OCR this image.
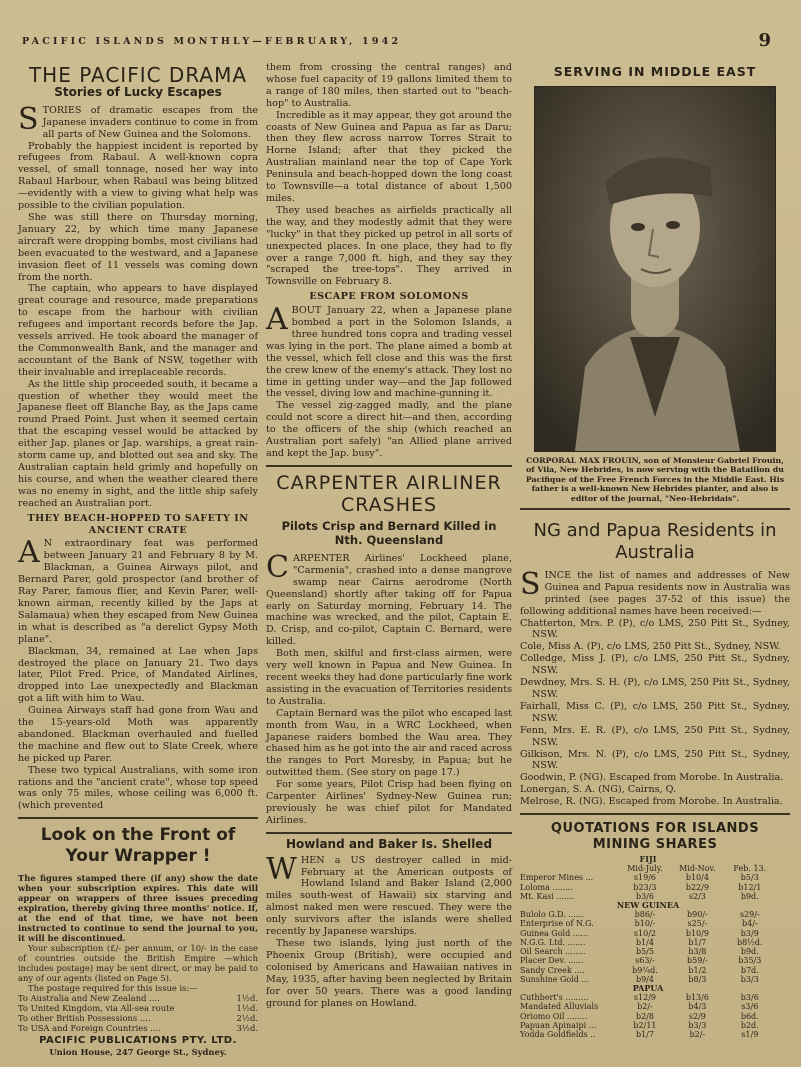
PACIFIC ISLANDS MONTHLY—FEBRUARY, 1942	9
THE PACIFIC DRAMA
Stories of Lucky Escapes

STORIES of dramatic escapes from the Japanese invaders continue to come in from all parts of New Guinea and the Solomons.

Probably the happiest incident is reported by refugees from Rabaul. A well-known copra vessel, of small tonnage, nosed her way into Rabaul Harbour, when Rabaul was being blitzed—evidently with a view to giving what help was possible to the civilian population.

She was still there on Thursday morning, January 22, by which time many Japanese aircraft were dropping bombs, most civilians had been evacuated to the westward, and a Japanese invasion fleet of 11 vessels was coming down from the north.

The captain, who appears to have displayed great courage and resource, made preparations to escape from the harbour with civilian refugees and important records before the Jap. vessels arrived. He took aboard the manager of the Commonwealth Bank, and the manager and accountant of the Bank of NSW, together with their invaluable and irreplaceable records.

As the little ship proceeded south, it became a question of whether they would meet the Japanese fleet off Blanche Bay, as the Japs came round Praed Point. Just when it seemed certain that the escaping vessel would be attacked by either Jap. planes or Jap. warships, a great rain-storm came up, and blotted out sea and sky. The Australian captain held grimly and hopefully on his course, and when the weather cleared there was no enemy in sight, and the little ship safely reached an Australian port.

THEY BEACH-HOPPED TO SAFETY IN ANCIENT CRATE

A N extraordinary feat was performed between January 21 and February 8 by M. Blackman, a Guinea Airways pilot, and Bernard Parer, gold prospector (and brother of Ray Parer, famous flier, and Kevin Parer, well-known airman, recently killed by the Japs at Salamaua) when they escaped from New Guinea in what is described as "a derelict Gypsy Moth plane".

Blackman, 34, remained at Lae when Japs destroyed the place on January 21. Two days later, Pilot Fred. Price, of Mandated Airlines, dropped into Lae unexpectedly and Blackman got a lift with him to Wau.

Guinea Airways staff had gone from Wau and the 15-years-old Moth was apparently abandoned. Blackman overhauled and fuelled the machine and flew out to Slate Creek, where he picked up Parer.

These two typical Australians, with some iron rations and the "ancient crate", whose top speed was only 75 miles, whose ceiling was 6,000 ft. (which prevented

Look on the Front of Your Wrapper !

The figures stamped there (if any) show the date when your subscription expires. This date will appear on wrappers of three issues preceding expiration, thereby giving three months' notice. If, at the end of that time, we have not been instructed to continue to send the journal to you, it will be discontinued.

Your subscription (£/- per annum, or 10/- in the case of countries outside the British Empire —which includes postage) may be sent direct, or may be paid to any of our agents (listed on Page 5).

The postage required for this issue is:—

To Australia and New Zealand ....	1½d.
To United Kingdom, via All-sea route	1½d.
To other British Possessions ....	2½d.
To USA and Foreign Countries ....	3½d.
PACIFIC PUBLICATIONS PTY. LTD.
Union House, 247 George St., Sydney.

them from crossing the central ranges) and whose fuel capacity of 19 gallons limited them to a range of 180 miles, then started out to "beach-hop" to Australia.

Incredible as it may appear, they got around the coasts of New Guinea and Papua as far as Daru; then they flew across narrow Torres Strait to Horne Island; after that they picked the Australian mainland near the top of Cape York Peninsula and beach-hopped down the long coast to Townsville—a total distance of about 1,500 miles.

They used beaches as airfields practically all the way, and they modestly admit that they were "lucky" in that they picked up petrol in all sorts of unexpected places. In one place, they had to fly over a range 7,000 ft. high, and they say they "scraped the tree-tops". They arrived in Townsville on February 8.

ESCAPE FROM SOLOMONS

ABOUT January 22, when a Japanese plane bombed a port in the Solomon Islands, a three hundred tons copra and trading vessel was lying in the port. The plane aimed a bomb at the vessel, which fell close and this was the first the crew knew of the enemy's attack. They lost no time in getting under way—and the Jap followed the vessel, diving low and machine-gunning it.

The vessel zig-zagged madly, and the plane could not score a direct hit—and then, according to the officers of the ship (which reached an Australian port safely) "an Allied plane arrived and kept the Jap. busy".

CARPENTER AIRLINER CRASHES
Pilots Crisp and Bernard Killed in Nth. Queensland

CARPENTER Airlines' Lockheed plane, "Carmenia", crashed into a dense mangrove swamp near Cairns aerodrome (North Queensland) shortly after taking off for Papua early on Saturday morning, February 14. The machine was wrecked, and the pilot, Captain E. D. Crisp, and co-pilot, Captain C. Bernard, were killed.

Both men, skilful and first-class airmen, were very well known in Papua and New Guinea. In recent weeks they had done particularly fine work assisting in the evacuation of Territories residents to Australia.

Captain Bernard was the pilot who escaped last month from Wau, in a WRC Lockheed, when Japanese raiders bombed the Wau area. They chased him as he got into the air and raced across the ranges to Port Moresby, in Papua; but he outwitted them. (See story on page 17.)

For some years, Pilot Crisp had been flying on Carpenter Airlines' Sydney-New Guinea run; previously he was chief pilot for Mandated Airlines.

Howland and Baker Is. Shelled

WHEN a US destroyer called in mid-February at the American outposts of Howland Island and Baker Island (2,000 miles south-west of Hawaii) six starving and almost naked men were rescued. They were the only survivors after the islands were shelled recently by Japanese warships.

These two islands, lying just north of the Phoenix Group (British), were occupied and colonised by Americans and Hawaiian natives in May, 1935, after having been neglected by Britain for over 50 years. There was a good landing ground for planes on Howland.

SERVING IN MIDDLE EAST
CORPORAL MAX FROUIN, son of Monsieur Gabriel Frouin, of Vila, New Hebrides, is now serving with the Bataillon du Pacifique of the Free French Forces in the Middle East. His father is a well-known New Hebrides planter, and also is editor of the journal, "Neo-Hebridais".
NG and Papua Residents in Australia

SINCE the list of names and addresses of New Guinea and Papua residents now in Australia was printed (see pages 37-52 of this issue) the following additional names have been received:—

Chatterton, Mrs. P. (P), c/o LMS, 250 Pitt St., Sydney, NSW.

Cole, Miss A. (P), c/o LMS, 250 Pitt St., Sydney, NSW.

Colledge, Miss J. (P), c/o LMS, 250 Pitt St., Sydney, NSW.

Dewdney, Mrs. S. H. (P), c/o LMS, 250 Pitt St., Sydney, NSW.

Fairhall, Miss C. (P), c/o LMS, 250 Pitt St., Sydney, NSW.

Fenn, Mrs. E. R. (P), c/o LMS, 250 Pitt St., Sydney, NSW.

Gilkison, Mrs. N. (P), c/o LMS, 250 Pitt St., Sydney, NSW.

Goodwin, P. (NG). Escaped from Morobe. In Australia.

Lonergan, S. A. (NG), Cairns, Q.

Melrose, R. (NG). Escaped from Morobe. In Australia.

QUOTATIONS FOR ISLANDS MINING SHARES
FIJI			
	Mid-July.	Mid-Nov.	Feb. 13.
Emperor Mines ...	s19/6	b10/4	b5/3
Loloma ........	b23/3	b22/9	b12/1
Mt. Kasi .......	b3/6	s2/3	b9d.
NEW GUINEA			
Bulolo G.D. ......	b86/-	b90/-	s29/-
Enterprise of N.G.	b10/-	s25/-	b4/-
Guinea Gold ......	s10/2	b10/9	b3/9
N.G.G. Ltd. .......	b1/4	b1/7	b8½d.
Oil Search ........	b5/5	b3/8	b9d.
Placer Dev. ......	s63/-	b59/-	b35/3
Sandy Creek ....	b9¼d.	b1/2	b7d.
Sunshine Gold ...	b9/4	b8/3	b3/3
PAPUA			
Cuthbert's .........	s12/9	b13/6	b3/6
Mandated Alluvials	b2/-	b4/3	s3/6
Oriomo Oil ........	b2/8	s2/9	b6d.
Papuan Apinaipi ...	b2/11	b3/3	b2d.
Yodda Goldfields ..	b1/7	b2/-	s1/9
